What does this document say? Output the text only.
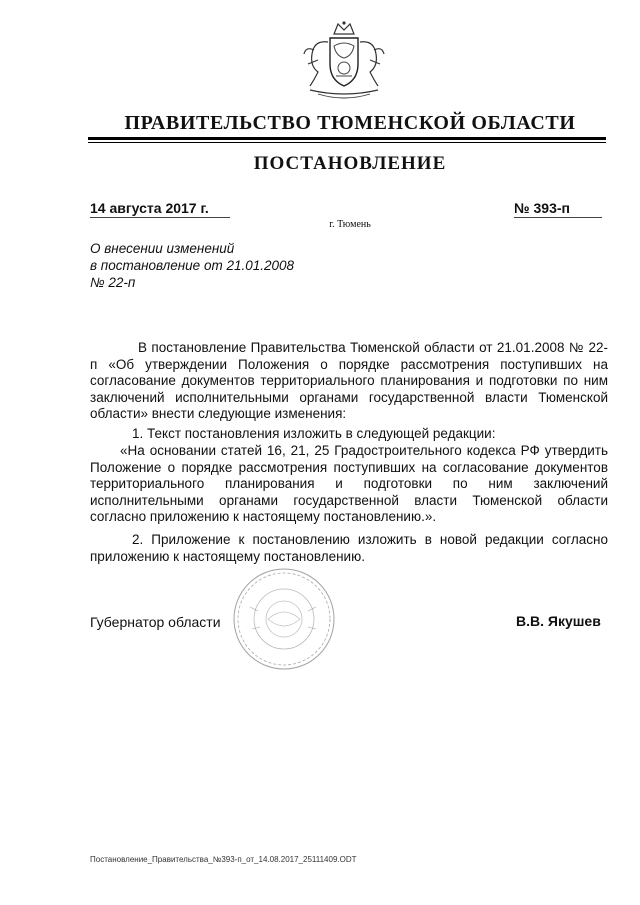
ПРАВИТЕЛЬСТВО ТЮМЕНСКОЙ ОБЛАСТИ
ПОСТАНОВЛЕНИЕ
14 августа 2017 г.	№ 393-п
г. Тюмень
О внесении изменений
в постановление от 21.01.2008
№ 22-п
В постановление Правительства Тюменской области от 21.01.2008 № 22-п «Об утверждении Положения о порядке рассмотрения поступивших на согласование документов территориального планирования и подготовки по ним заключений исполнительными органами государственной власти Тюменской области» внести следующие изменения:
1. Текст постановления изложить в следующей редакции:
«На основании статей 16, 21, 25 Градостроительного кодекса РФ утвердить Положение о порядке рассмотрения поступивших на согласование документов территориального планирования и подготовки по ним заключений исполнительными органами государственной власти Тюменской области согласно приложению к настоящему постановлению.».
2. Приложение к постановлению изложить в новой редакции согласно приложению к настоящему постановлению.
Губернатор области	В.В. Якушев
Постановление_Правительства_№393-п_от_14.08.2017_25111409.ODT
